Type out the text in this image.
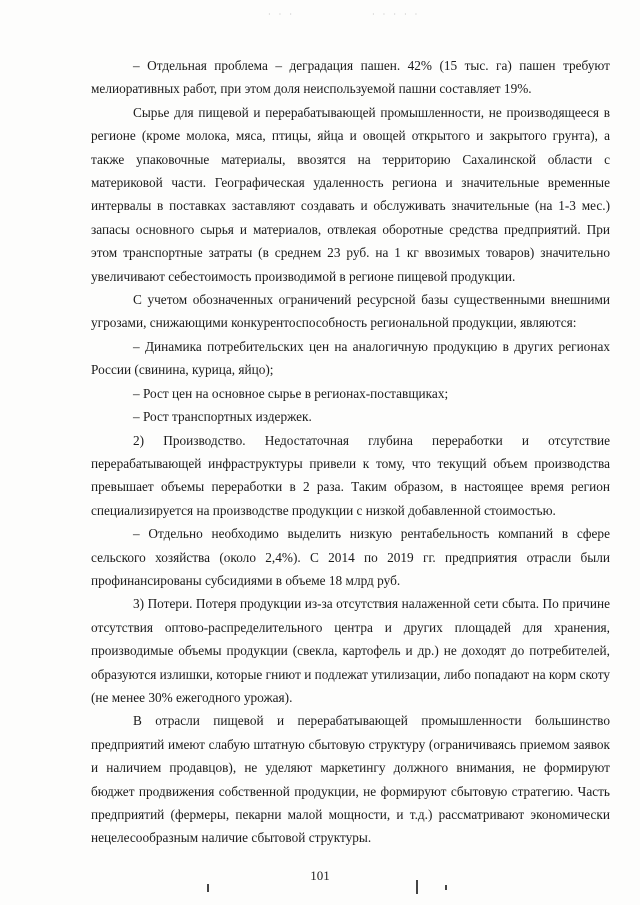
· · ·	· · · · ·

– Отдельная проблема – деградация пашен. 42% (15 тыс. га) пашен требуют мелиоративных работ, при этом доля неиспользуемой пашни составляет 19%.

Сырье для пищевой и перерабатывающей промышленности, не производящееся в регионе (кроме молока, мяса, птицы, яйца и овощей открытого и закрытого грунта), а также упаковочные материалы, ввозятся на территорию Сахалинской области с материковой части. Географическая удаленность региона и значительные временные интервалы в поставках заставляют создавать и обслуживать значительные (на 1-3 мес.) запасы основного сырья и материалов, отвлекая оборотные средства предприятий. При этом транспортные затраты (в среднем 23 руб. на 1 кг ввозимых товаров) значительно увеличивают себестоимость производимой в регионе пищевой продукции.

С учетом обозначенных ограничений ресурсной базы существенными внешними угрозами, снижающими конкурентоспособность региональной продукции, являются:

– Динамика потребительских цен на аналогичную продукцию в других регионах России (свинина, курица, яйцо);

– Рост цен на основное сырье в регионах-поставщиках;

– Рост транспортных издержек.

2) Производство. Недостаточная глубина переработки и отсутствие перерабатывающей инфраструктуры привели к тому, что текущий объем производства превышает объемы переработки в 2 раза. Таким образом, в настоящее время регион специализируется на производстве продукции с низкой добавленной стоимостью.

– Отдельно необходимо выделить низкую рентабельность компаний в сфере сельского хозяйства (около 2,4%). С 2014 по 2019 гг. предприятия отрасли были профинансированы субсидиями в объеме 18 млрд руб.

3) Потери. Потеря продукции из-за отсутствия налаженной сети сбыта. По причине отсутствия оптово-распределительного центра и других площадей для хранения, производимые объемы продукции (свекла, картофель и др.) не доходят до потребителей, образуются излишки, которые гниют и подлежат утилизации, либо попадают на корм скоту (не менее 30% ежегодного урожая).

В отрасли пищевой и перерабатывающей промышленности большинство предприятий имеют слабую штатную сбытовую структуру (ограничиваясь приемом заявок и наличием продавцов), не уделяют маркетингу должного внимания, не формируют бюджет продвижения собственной продукции, не формируют сбытовую стратегию. Часть предприятий (фермеры, пекарни малой мощности, и т.д.) рассматривают экономически нецелесообразным наличие сбытовой структуры.

101
